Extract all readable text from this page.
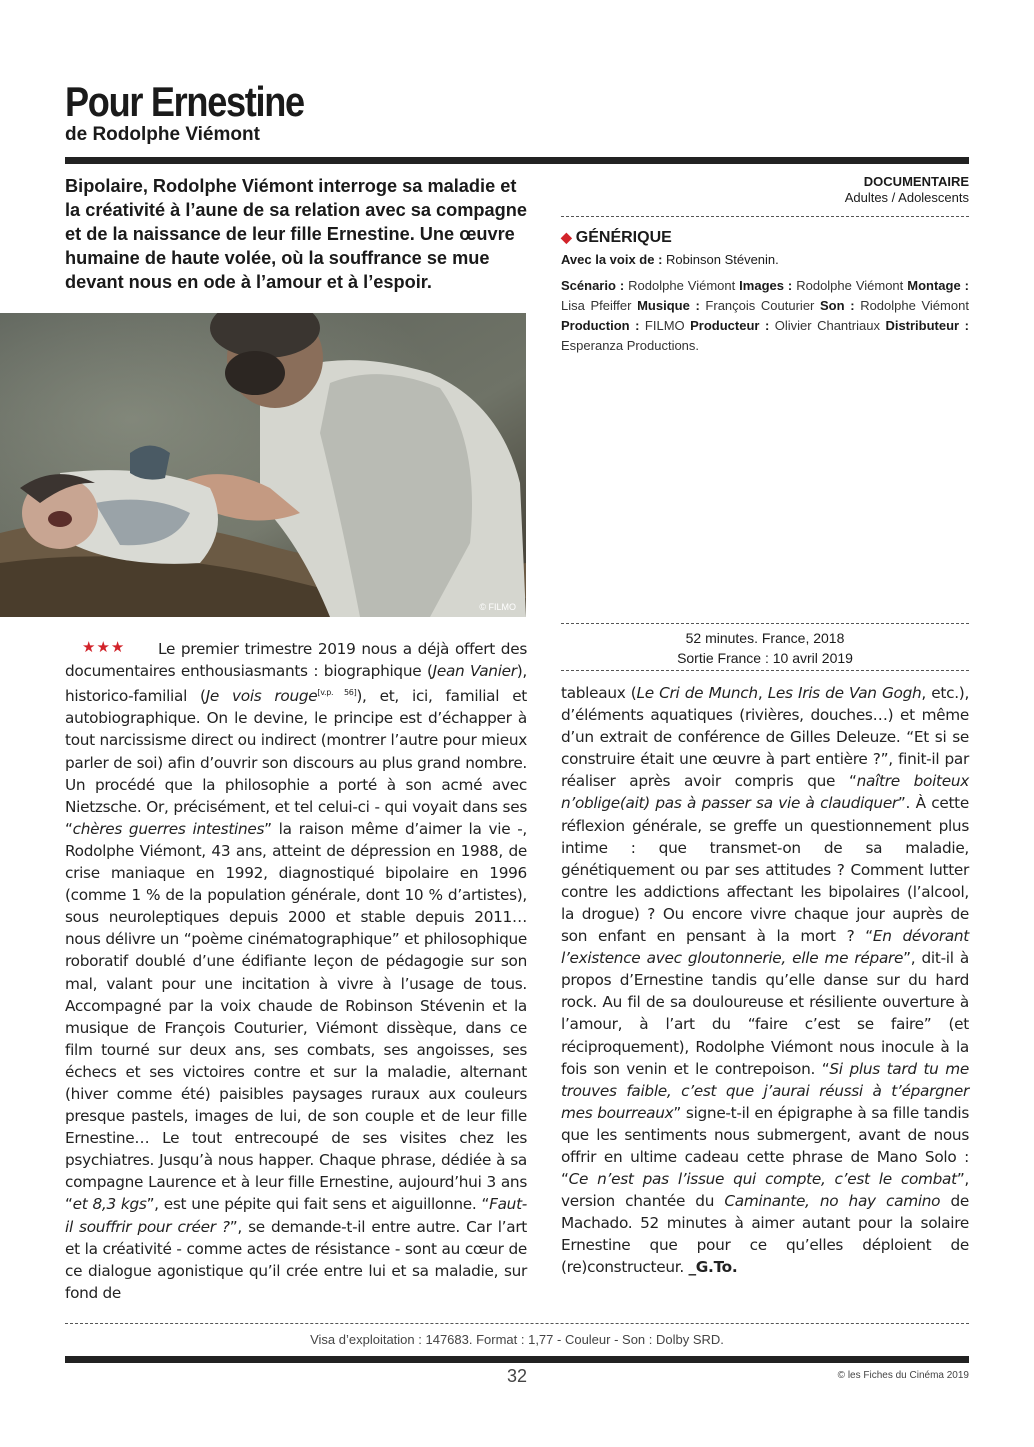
Pour Ernestine
de Rodolphe Viémont
Bipolaire, Rodolphe Viémont interroge sa maladie et la créativité à l’aune de sa relation avec sa compagne et de la naissance de leur fille Ernestine. Une œuvre humaine de haute volée, où la souffrance se mue devant nous en ode à l’amour et à l’espoir.
DOCUMENTAIRE
Adultes / Adolescents
◆ GÉNÉRIQUE
Avec la voix de : Robinson Stévenin.
Scénario : Rodolphe Viémont Images : Rodolphe Viémont Montage : Lisa Pfeiffer Musique : François Couturier Son : Rodolphe Viémont Production : FILMO Producteur : Olivier Chantriaux Distributeur : Esperanza Productions.
© FILMO
52 minutes. France, 2018
Sortie France : 10 avril 2019
★★★	Le premier trimestre 2019 nous a déjà offert des documentaires enthousiasmants : biographique (Jean Vanier), historico-familial (Je vois rouge[v.p. 56]), et, ici, familial et autobiographique. On le devine, le principe est d’échapper à tout narcissisme direct ou indirect (montrer l’autre pour mieux parler de soi) afin d’ouvrir son discours au plus grand nombre. Un procédé que la philosophie a porté à son acmé avec Nietzsche. Or, précisément, et tel celui-ci - qui voyait dans ses “chères guerres intestines” la raison même d’aimer la vie -, Rodolphe Viémont, 43 ans, atteint de dépression en 1988, de crise maniaque en 1992, diagnostiqué bipolaire en 1996 (comme 1 % de la population générale, dont 10 % d’artistes), sous neuroleptiques depuis 2000 et stable depuis 2011… nous délivre un “poème cinématographique” et philosophique roboratif doublé d’une édifiante leçon de pédagogie sur son mal, valant pour une incitation à vivre à l’usage de tous. Accompagné par la voix chaude de Robinson Stévenin et la musique de François Couturier, Viémont dissèque, dans ce film tourné sur deux ans, ses combats, ses angoisses, ses échecs et ses victoires contre et sur la maladie, alternant (hiver comme été) paisibles paysages ruraux aux couleurs presque pastels, images de lui, de son couple et de leur fille Ernestine… Le tout entrecoupé de ses visites chez les psychiatres. Jusqu’à nous happer. Chaque phrase, dédiée à sa compagne Laurence et à leur fille Ernestine, aujourd’hui 3 ans “et 8,3 kgs”, est une pépite qui fait sens et aiguillonne. “Faut-il souffrir pour créer ?”, se demande-t-il entre autre. Car l’art et la créativité - comme actes de résistance - sont au cœur de ce dialogue agonistique qu’il crée entre lui et sa maladie, sur fond de
tableaux (Le Cri de Munch, Les Iris de Van Gogh, etc.), d’éléments aquatiques (rivières, douches…) et même d’un extrait de conférence de Gilles Deleuze. “Et si se construire était une œuvre à part entière ?”, finit-il par réaliser après avoir compris que “naître boiteux n’oblige(ait) pas à passer sa vie à claudiquer”. À cette réflexion générale, se greffe un questionnement plus intime : que transmet-on de sa maladie, génétiquement ou par ses attitudes ? Comment lutter contre les addictions affectant les bipolaires (l’alcool, la drogue) ? Ou encore vivre chaque jour auprès de son enfant en pensant à la mort ? “En dévorant l’existence avec gloutonnerie, elle me répare”, dit-il à propos d’Ernestine tandis qu’elle danse sur du hard rock. Au fil de sa douloureuse et résiliente ouverture à l’amour, à l’art du “faire c’est se faire” (et réciproquement), Rodolphe Viémont nous inocule à la fois son venin et le contrepoison. “Si plus tard tu me trouves faible, c’est que j’aurai réussi à t’épargner mes bourreaux” signe-t-il en épigraphe à sa fille tandis que les sentiments nous submergent, avant de nous offrir en ultime cadeau cette phrase de Mano Solo : “Ce n’est pas l’issue qui compte, c’est le combat”, version chantée du Caminante, no hay camino de Machado. 52 minutes à aimer autant pour la solaire Ernestine que pour ce qu’elles déploient de (re)constructeur. _G.To.
Visa d’exploitation : 147683. Format : 1,77 - Couleur - Son : Dolby SRD.
32	© les Fiches du Cinéma 2019
